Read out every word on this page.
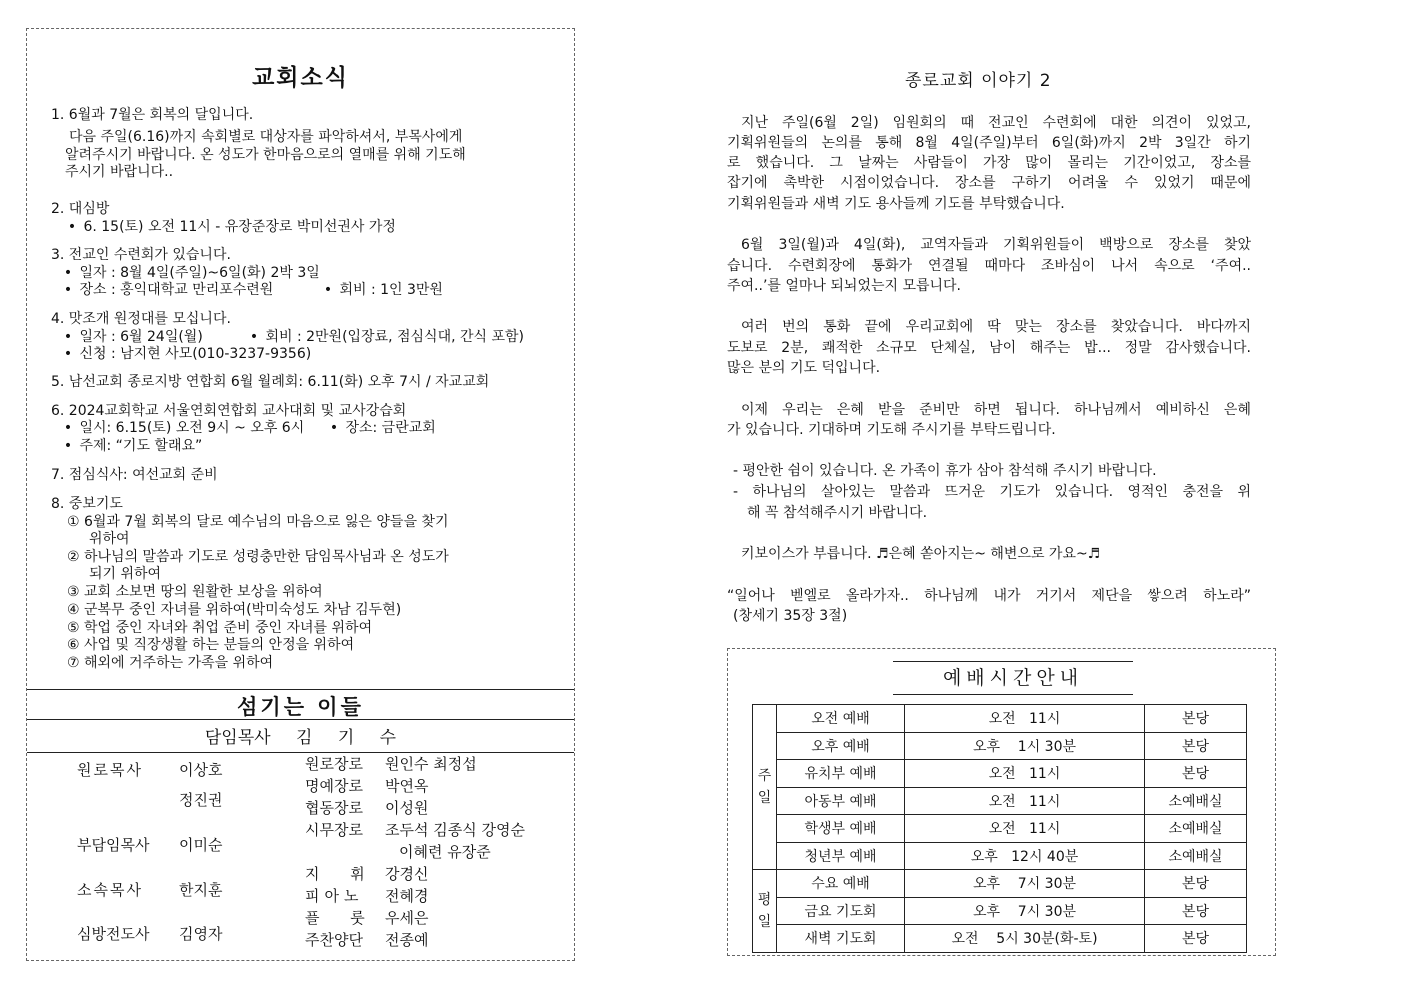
교회소식
1. 6월과 7월은 회복의 달입니다.
다음 주일(6.16)까지 속회별로 대상자를 파악하셔서, 부목사에게
알려주시기 바랍니다. 온 성도가 한마음으로의 열매를 위해 기도해
주시기 바랍니다..
2. 대심방
• 6. 15(토) 오전 11시 - 유장준장로 박미선권사 가정
3. 전교인 수련회가 있습니다.
• 일자 : 8월 4일(주일)~6일(화) 2박 3일
• 장소 : 홍익대학교 만리포수련원	• 회비 : 1인 3만원
4. 맛조개 원정대를 모십니다.
• 일자 : 6월 24일(월)	• 회비 : 2만원(입장료, 점심식대, 간식 포함)
• 신청 : 남지현 사모(010-3237-9356)
5. 남선교회 종로지방 연합회 6월 월례회: 6.11(화) 오후 7시 / 자교교회
6. 2024교회학교 서울연회연합회 교사대회 및 교사강습회
• 일시: 6.15(토) 오전 9시 ~ 오후 6시 • 장소: 금란교회
• 주제: “기도 할래요”
7. 점심식사: 여선교회 준비
8. 중보기도
① 6월과 7월 회복의 달로 예수님의 마음으로 잃은 양들을 찾기
위하여
② 하나님의 말씀과 기도로 성령충만한 담임목사님과 온 성도가
되기 위하여
③ 교회 소보면 땅의 원활한 보상을 위하여
④ 군복무 중인 자녀를 위하여(박미숙성도 차남 김두현)
⑤ 학업 중인 자녀와 취업 준비 중인 자녀를 위하여
⑥ 사업 및 직장생활 하는 분들의 안정을 위하여
⑦ 해외에 거주하는 가족을 위하여
섬기는 이들
담임목사 김 기 수
원로목사 이상호
정진권
부담임목사 이미순
소속목사 한지훈
심방전도사 김영자
원로장로 원인수 최정섭
명예장로 박연옥
협동장로 이성원
시무장로 조두석 김종식 강영순
이혜련 유장준
지 휘 강경신
피아노 전혜경
플 룻 우세은
주찬양단 전종예
종로교회 이야기 2
지난 주일(6월 2일) 임원회의 때 전교인 수련회에 대한 의견이 있었고,
기획위원들의 논의를 통해 8월 4일(주일)부터 6일(화)까지 2박 3일간 하기
로 했습니다. 그 날짜는 사람들이 가장 많이 몰리는 기간이었고, 장소를
잡기에 촉박한 시점이었습니다. 장소를 구하기 어려울 수 있었기 때문에
기획위원들과 새벽 기도 용사들께 기도를 부탁했습니다.
6월 3일(월)과 4일(화), 교역자들과 기획위원들이 백방으로 장소를 찾았
습니다. 수련회장에 통화가 연결될 때마다 조바심이 나서 속으로 ‘주여..
주여..’를 얼마나 되뇌었는지 모릅니다.
여러 번의 통화 끝에 우리교회에 딱 맞는 장소를 찾았습니다. 바다까지
도보로 2분, 쾌적한 소규모 단체실, 남이 해주는 밥... 정말 감사했습니다.
많은 분의 기도 덕입니다.
이제 우리는 은혜 받을 준비만 하면 됩니다. 하나님께서 예비하신 은혜
가 있습니다. 기대하며 기도해 주시기를 부탁드립니다.
- 평안한 쉼이 있습니다. 온 가족이 휴가 삼아 참석해 주시기 바랍니다.
- 하나님의 살아있는 말씀과 뜨거운 기도가 있습니다. 영적인 충전을 위
해 꼭 참석해주시기 바랍니다.
키보이스가 부릅니다. ♬은혜 쏟아지는~ 해변으로 가요~♬
“일어나 벧엘로 올라가자.. 하나님께 내가 거기서 제단을 쌓으려 하노라”
(창세기 35장 3절)
예배시간안내
주
일	오전 예배	오전   11시	본당
	오후 예배	오후    1시 30분	본당
	유치부 예배	오전   11시	본당
	아동부 예배	오전   11시	소예배실
	학생부 예배	오전   11시	소예배실
	청년부 예배	오후   12시 40분	소예배실
평
일	수요 예배	오후    7시 30분	본당
	금요 기도회	오후    7시 30분	본당
	새벽 기도회	오전    5시 30분(화-토)	본당
